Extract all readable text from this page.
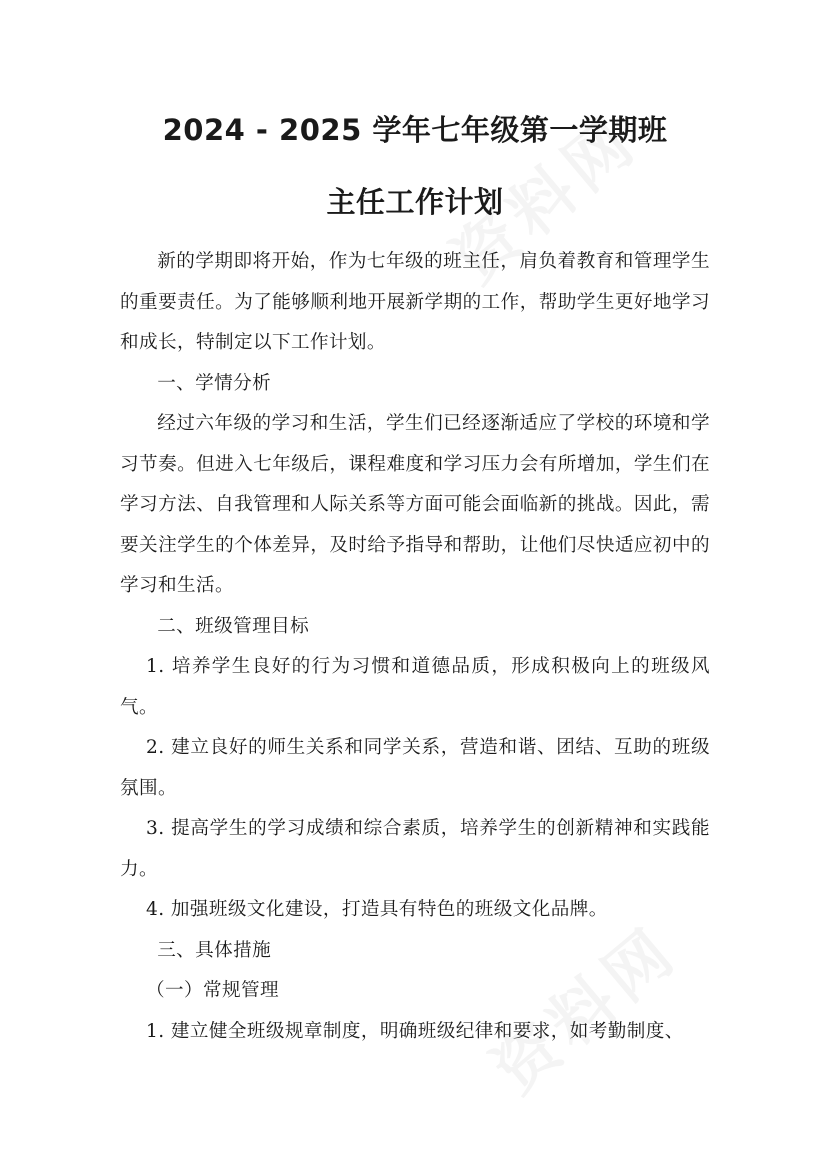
2024 - 2025 学年七年级第一学期班
主任工作计划

新的学期即将开始，作为七年级的班主任，肩负着教育和管理学生的重要责任。为了能够顺利地开展新学期的工作，帮助学生更好地学习和成长，特制定以下工作计划。

一、学情分析

经过六年级的学习和生活，学生们已经逐渐适应了学校的环境和学习节奏。但进入七年级后，课程难度和学习压力会有所增加，学生们在学习方法、自我管理和人际关系等方面可能会面临新的挑战。因此，需要关注学生的个体差异，及时给予指导和帮助，让他们尽快适应初中的学习和生活。

二、班级管理目标

1. 培养学生良好的行为习惯和道德品质，形成积极向上的班级风气。

2. 建立良好的师生关系和同学关系，营造和谐、团结、互助的班级氛围。

3. 提高学生的学习成绩和综合素质，培养学生的创新精神和实践能力。

4. 加强班级文化建设，打造具有特色的班级文化品牌。

三、具体措施

（一）常规管理

1. 建立健全班级规章制度，明确班级纪律和要求，如考勤制度、
